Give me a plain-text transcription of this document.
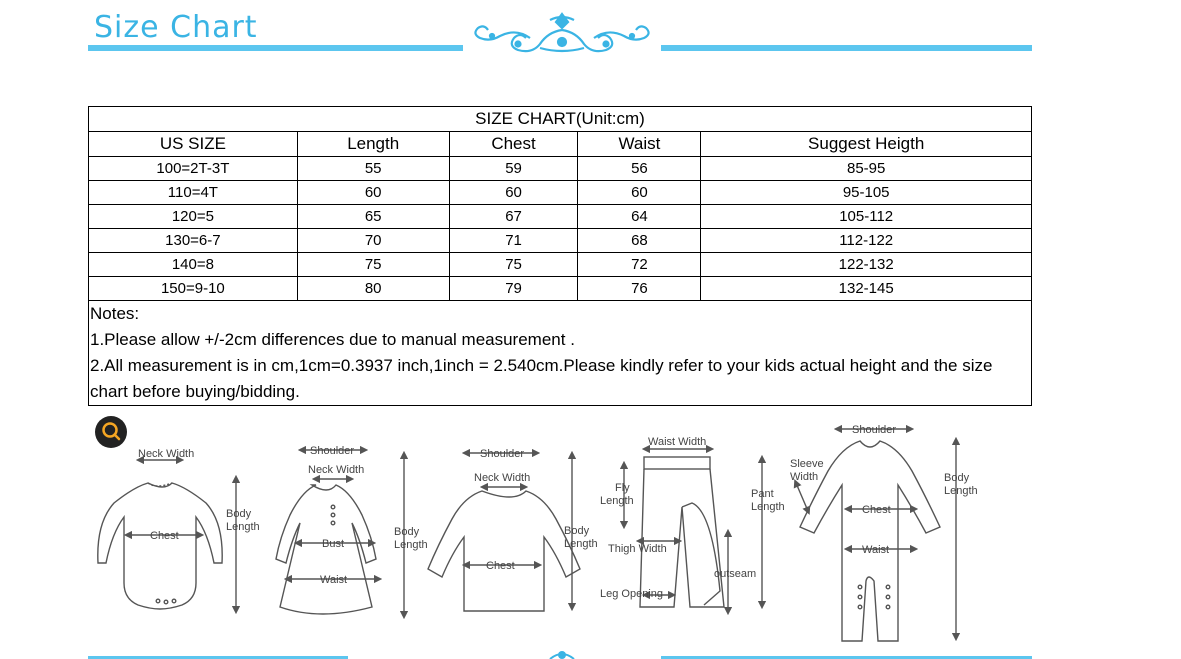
Size Chart
SIZE CHART(Unit:cm)				
US SIZE	Length	Chest	Waist	Suggest Heigth
100=2T-3T	55	59	56	85-95
110=4T	60	60	60	95-105
120=5	65	67	64	105-112
130=6-7	70	71	68	112-122
140=8	75	75	72	122-132
150=9-10	80	79	76	132-145

Notes:
1.Please allow +/-2cm differences due to manual measurement .
2.All measurement is in cm,1cm=0.3937 inch,1inch = 2.540cm.Please kindly refer to your kids actual height and the size chart before buying/bidding.				
Neck Width
Chest
Body
Length
Shoulder
Neck Width
Bust
Waist
Body
Length
Shoulder
Neck Width
Chest
Body
Length
Waist Width
Fly
Length
Thigh Width
Pant
Length
outseam
Leg Opening
Shoulder
Sleeve
Width
Chest
Waist
Body
Length
